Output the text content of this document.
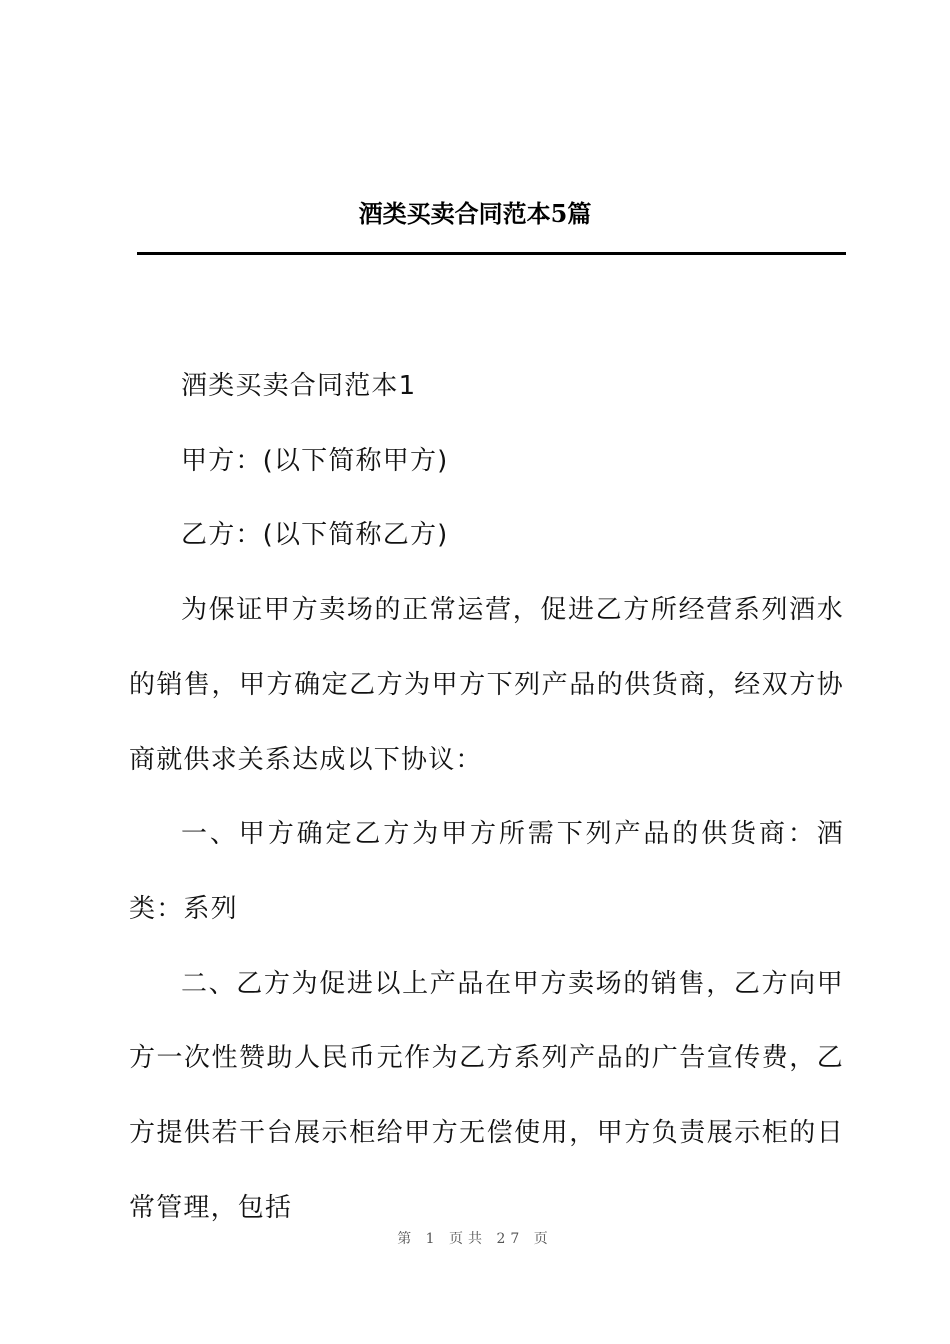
酒类买卖合同范本5篇

酒类买卖合同范本1

甲方：(以下简称甲方)

乙方：(以下简称乙方)

为保证甲方卖场的正常运营，促进乙方所经营系列酒水的销售，甲方确定乙方为甲方下列产品的供货商，经双方协商就供求关系达成以下协议：

一、甲方确定乙方为甲方所需下列产品的供货商：酒类：系列

二、乙方为促进以上产品在甲方卖场的销售，乙方向甲方一次性赞助人民币元作为乙方系列产品的广告宣传费，乙方提供若干台展示柜给甲方无偿使用，甲方负责展示柜的日常管理，包括

第 1 页共 27 页
